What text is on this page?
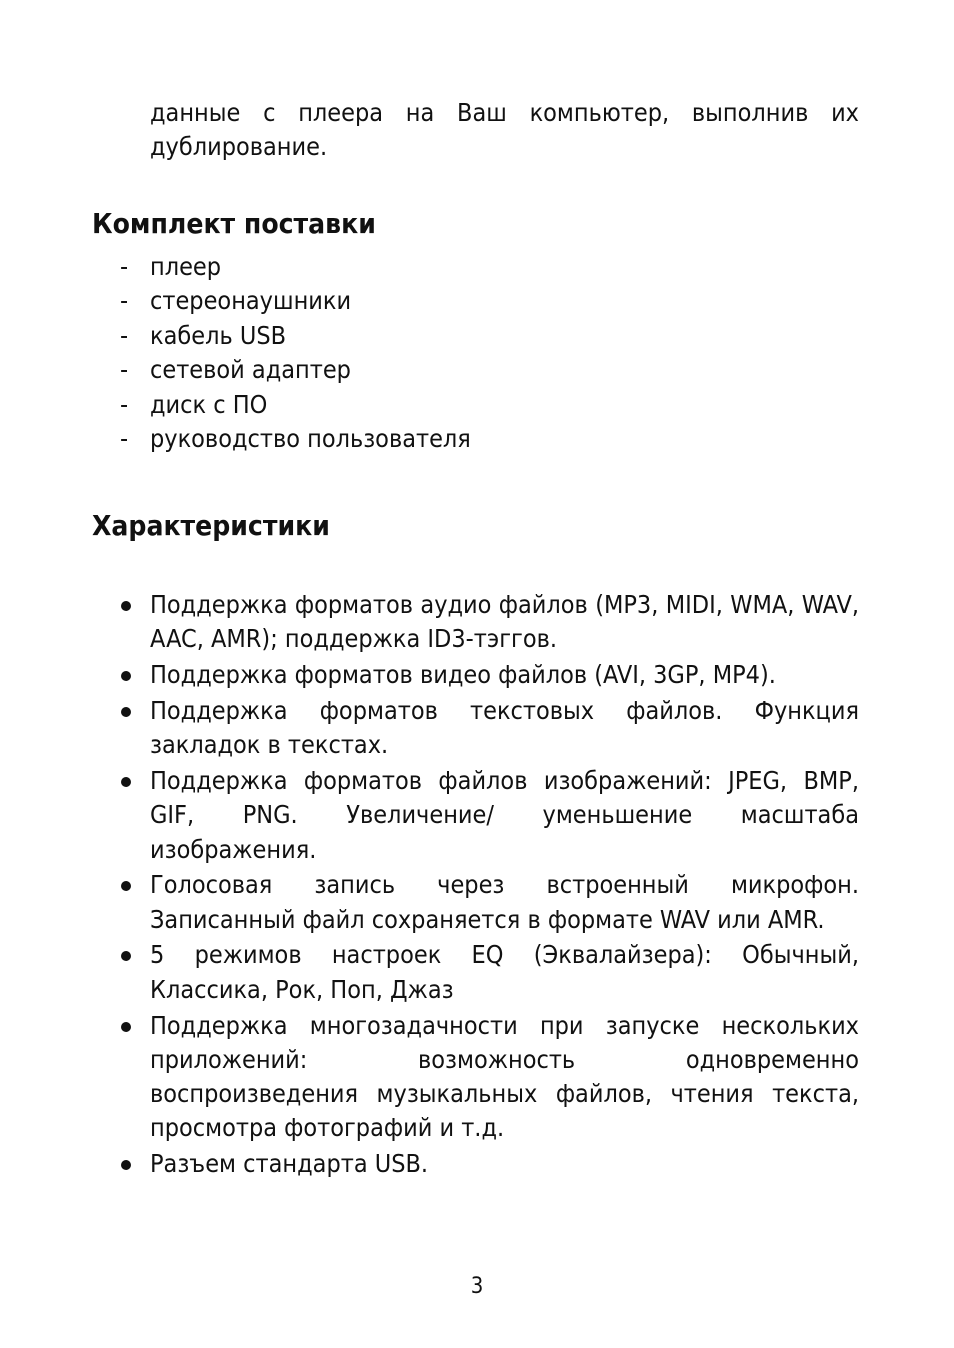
данные с плеера на Ваш компьютер, выполнив их дублирование.

Комплект поставки
- плеер
- стереонаушники
- кабель USB
- сетевой адаптер
- диск с ПО
- руководство пользователя
Характеристики
Поддержка форматов аудио файлов (MP3, MIDI, WMA, WAV, AAC, AMR); поддержка ID3-тэггов.
Поддержка форматов видео файлов (AVI, 3GP, MP4).
Поддержка форматов текстовых файлов. Функция закладок в текстах.
Поддержка форматов файлов изображений: JPEG, BMP, GIF, PNG. Увеличение/ уменьшение масштаба изображения.
Голосовая запись через встроенный микрофон. Записанный файл сохраняется в формате WAV или AMR.
5 режимов настроек EQ (Эквалайзера): Обычный, Классика, Рок, Поп, Джаз
Поддержка многозадачности при запуске нескольких приложений: возможность одновременно воспроизведения музыкальных файлов, чтения текста, просмотра фотографий и т.д.
Разъем стандарта USB.
3
